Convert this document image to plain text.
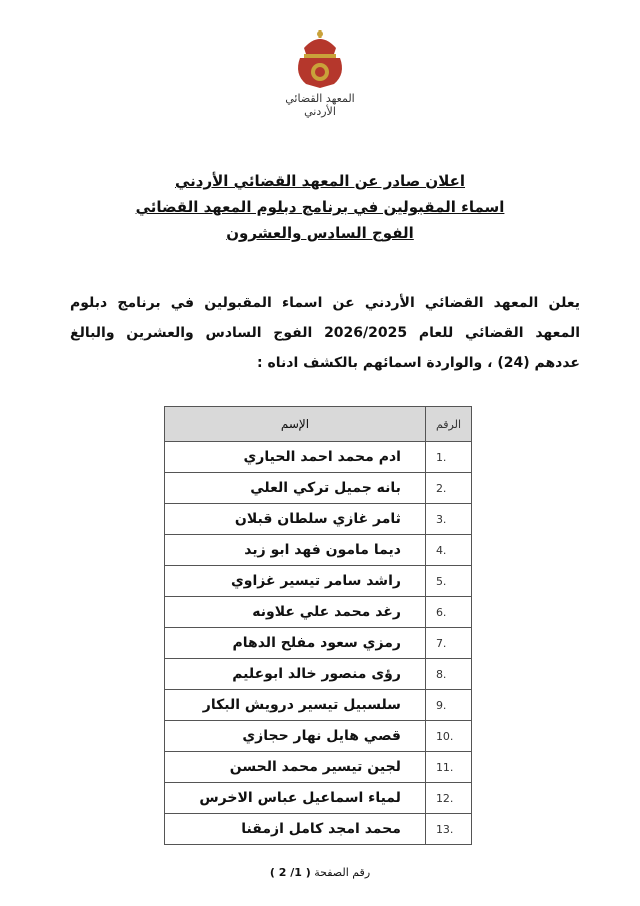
المعهد القضائي الأردني
اعلان صادر عن المعهد القضائي الأردني
اسماء المقبولين في برنامج دبلوم المعهد القضائي
الفوج السادس والعشرون
يعلن المعهد القضائي الأردني عن اسماء المقبولين في برنامج دبلوم المعهد القضائي للعام 2026/2025 الفوج السادس والعشرين والبالغ عددهم (24) ، والواردة اسمائهم بالكشف ادناه :
الرقم	الإسم
1.	ادم محمد احمد الحياري
2.	بانه جميل تركي العلي
3.	ثامر غازي سلطان قبلان
4.	ديما مامون فهد ابو زيد
5.	راشد سامر تيسير غزاوي
6.	رغد محمد علي علاونه
7.	رمزي سعود مفلح الدهام
8.	رؤى منصور خالد ابوعليم
9.	سلسبيل تيسير درويش البكار
10.	قصي هايل نهار حجازي
11.	لجين تيسير محمد الحسن
12.	لمياء اسماعيل عباس الاخرس
13.	محمد امجد كامل ازمقنا
رقم الصفحة ( 1/ 2 )
